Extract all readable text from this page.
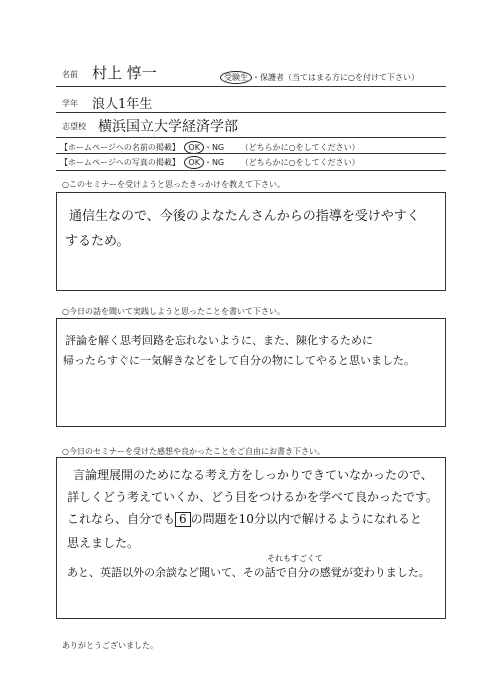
名前 村上 惇一	受験生 ・保護者（当てはまる方に○を付けて下さい）
学年 浪人1年生
志望校 横浜国立大学経済学部
【ホームページへの名前の掲載】 OK ・NG （どちらかに○をしてください）
【ホームページへの写真の掲載】 OK ・NG （どちらかに○をしてください）
○このセミナーを受けようと思ったきっかけを教えて下さい。
通信生なので、今後のよなたんさんからの指導を受けやすく
するため。
○今日の話を聞いて実践しようと思ったことを書いて下さい。
評論を解く思考回路を忘れないように、また、陳化するために
帰ったらすぐに一気解きなどをして自分の物にしてやると思いました。
○今日のセミナーを受けた感想や良かったことをご自由にお書き下さい。
言論理展開のためになる考え方をしっかりできていなかったので、
詳しくどう考えていくか、どう目をつけるかを学べて良かったです。
これなら、自分でも 6 の問題を10分以内で解けるようになれると
思えました。
それもすごくて
あと、英語以外の余談など聞いて、その話で自分の感覚が変わりました。
ありがとうございました。
